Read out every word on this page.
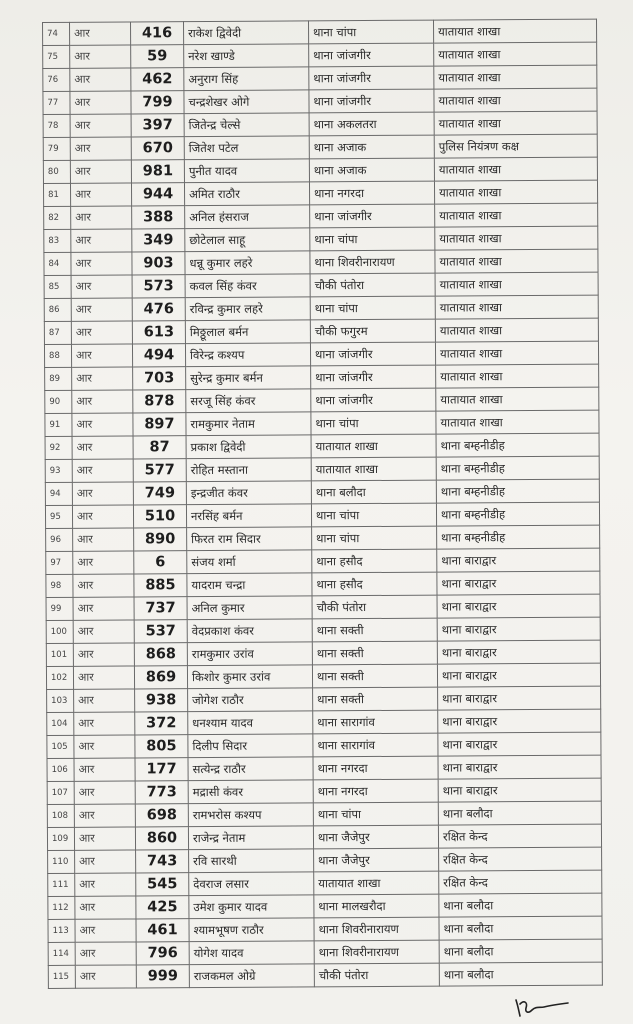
74	आर	416	राकेश द्विवेदी	थाना चांपा	यातायात शाखा
75	आर	59	नरेश खाण्डे	थाना जांजगीर	यातायात शाखा
76	आर	462	अनुराग सिंह	थाना जांजगीर	यातायात शाखा
77	आर	799	चन्द्रशेखर ओगे	थाना जांजगीर	यातायात शाखा
78	आर	397	जितेन्द्र चेल्से	थाना अकलतरा	यातायात शाखा
79	आर	670	जितेश पटेल	थाना अजाक	पुलिस नियंत्रण कक्ष
80	आर	981	पुनीत यादव	थाना अजाक	यातायात शाखा
81	आर	944	अमित राठौर	थाना नगरदा	यातायात शाखा
82	आर	388	अनिल हंसराज	थाना जांजगीर	यातायात शाखा
83	आर	349	छोटेलाल साहू	थाना चांपा	यातायात शाखा
84	आर	903	धन्नू कुमार लहरे	थाना शिवरीनारायण	यातायात शाखा
85	आर	573	कवल सिंह कंवर	चौकी पंतोरा	यातायात शाखा
86	आर	476	रविन्द्र कुमार लहरे	थाना चांपा	यातायात शाखा
87	आर	613	मिठ्ठूलाल बर्मन	चौकी फगुरम	यातायात शाखा
88	आर	494	विरेन्द्र कश्यप	थाना जांजगीर	यातायात शाखा
89	आर	703	सुरेन्द्र कुमार बर्मन	थाना जांजगीर	यातायात शाखा
90	आर	878	सरजू सिंह कंवर	थाना जांजगीर	यातायात शाखा
91	आर	897	रामकुमार नेताम	थाना चांपा	यातायात शाखा
92	आर	87	प्रकाश द्विवेदी	यातायात शाखा	थाना बम्हनीडीह
93	आर	577	रोहित मस्ताना	यातायात शाखा	थाना बम्हनीडीह
94	आर	749	इन्द्रजीत कंवर	थाना बलौदा	थाना बम्हनीडीह
95	आर	510	नरसिंह बर्मन	थाना चांपा	थाना बम्हनीडीह
96	आर	890	फिरत राम सिदार	थाना चांपा	थाना बम्हनीडीह
97	आर	6	संजय शर्मा	थाना हसौद	थाना बाराद्वार
98	आर	885	यादराम चन्द्रा	थाना हसौद	थाना बाराद्वार
99	आर	737	अनिल कुमार	चौकी पंतोरा	थाना बाराद्वार
100	आर	537	वेदप्रकाश कंवर	थाना सक्ती	थाना बाराद्वार
101	आर	868	रामकुमार उरांव	थाना सक्ती	थाना बाराद्वार
102	आर	869	किशोर कुमार उरांव	थाना सक्ती	थाना बाराद्वार
103	आर	938	जोगेश राठौर	थाना सक्ती	थाना बाराद्वार
104	आर	372	धनश्याम यादव	थाना सारागांव	थाना बाराद्वार
105	आर	805	दिलीप सिदार	थाना सारागांव	थाना बाराद्वार
106	आर	177	सत्येन्द्र राठौर	थाना नगरदा	थाना बाराद्वार
107	आर	773	मद्रासी कंवर	थाना नगरदा	थाना बाराद्वार
108	आर	698	रामभरोस कश्यप	थाना चांपा	थाना बलौदा
109	आर	860	राजेन्द्र नेताम	थाना जैजेपुर	रक्षित केन्द
110	आर	743	रवि सारथी	थाना जैजेपुर	रक्षित केन्द
111	आर	545	देवराज लसार	यातायात शाखा	रक्षित केन्द
112	आर	425	उमेश कुमार यादव	थाना मालखरौदा	थाना बलौदा
113	आर	461	श्यामभूषण राठौर	थाना शिवरीनारायण	थाना बलौदा
114	आर	796	योगेश यादव	थाना शिवरीनारायण	थाना बलौदा
115	आर	999	राजकमल ओग्रे	चौकी पंतोरा	थाना बलौदा
